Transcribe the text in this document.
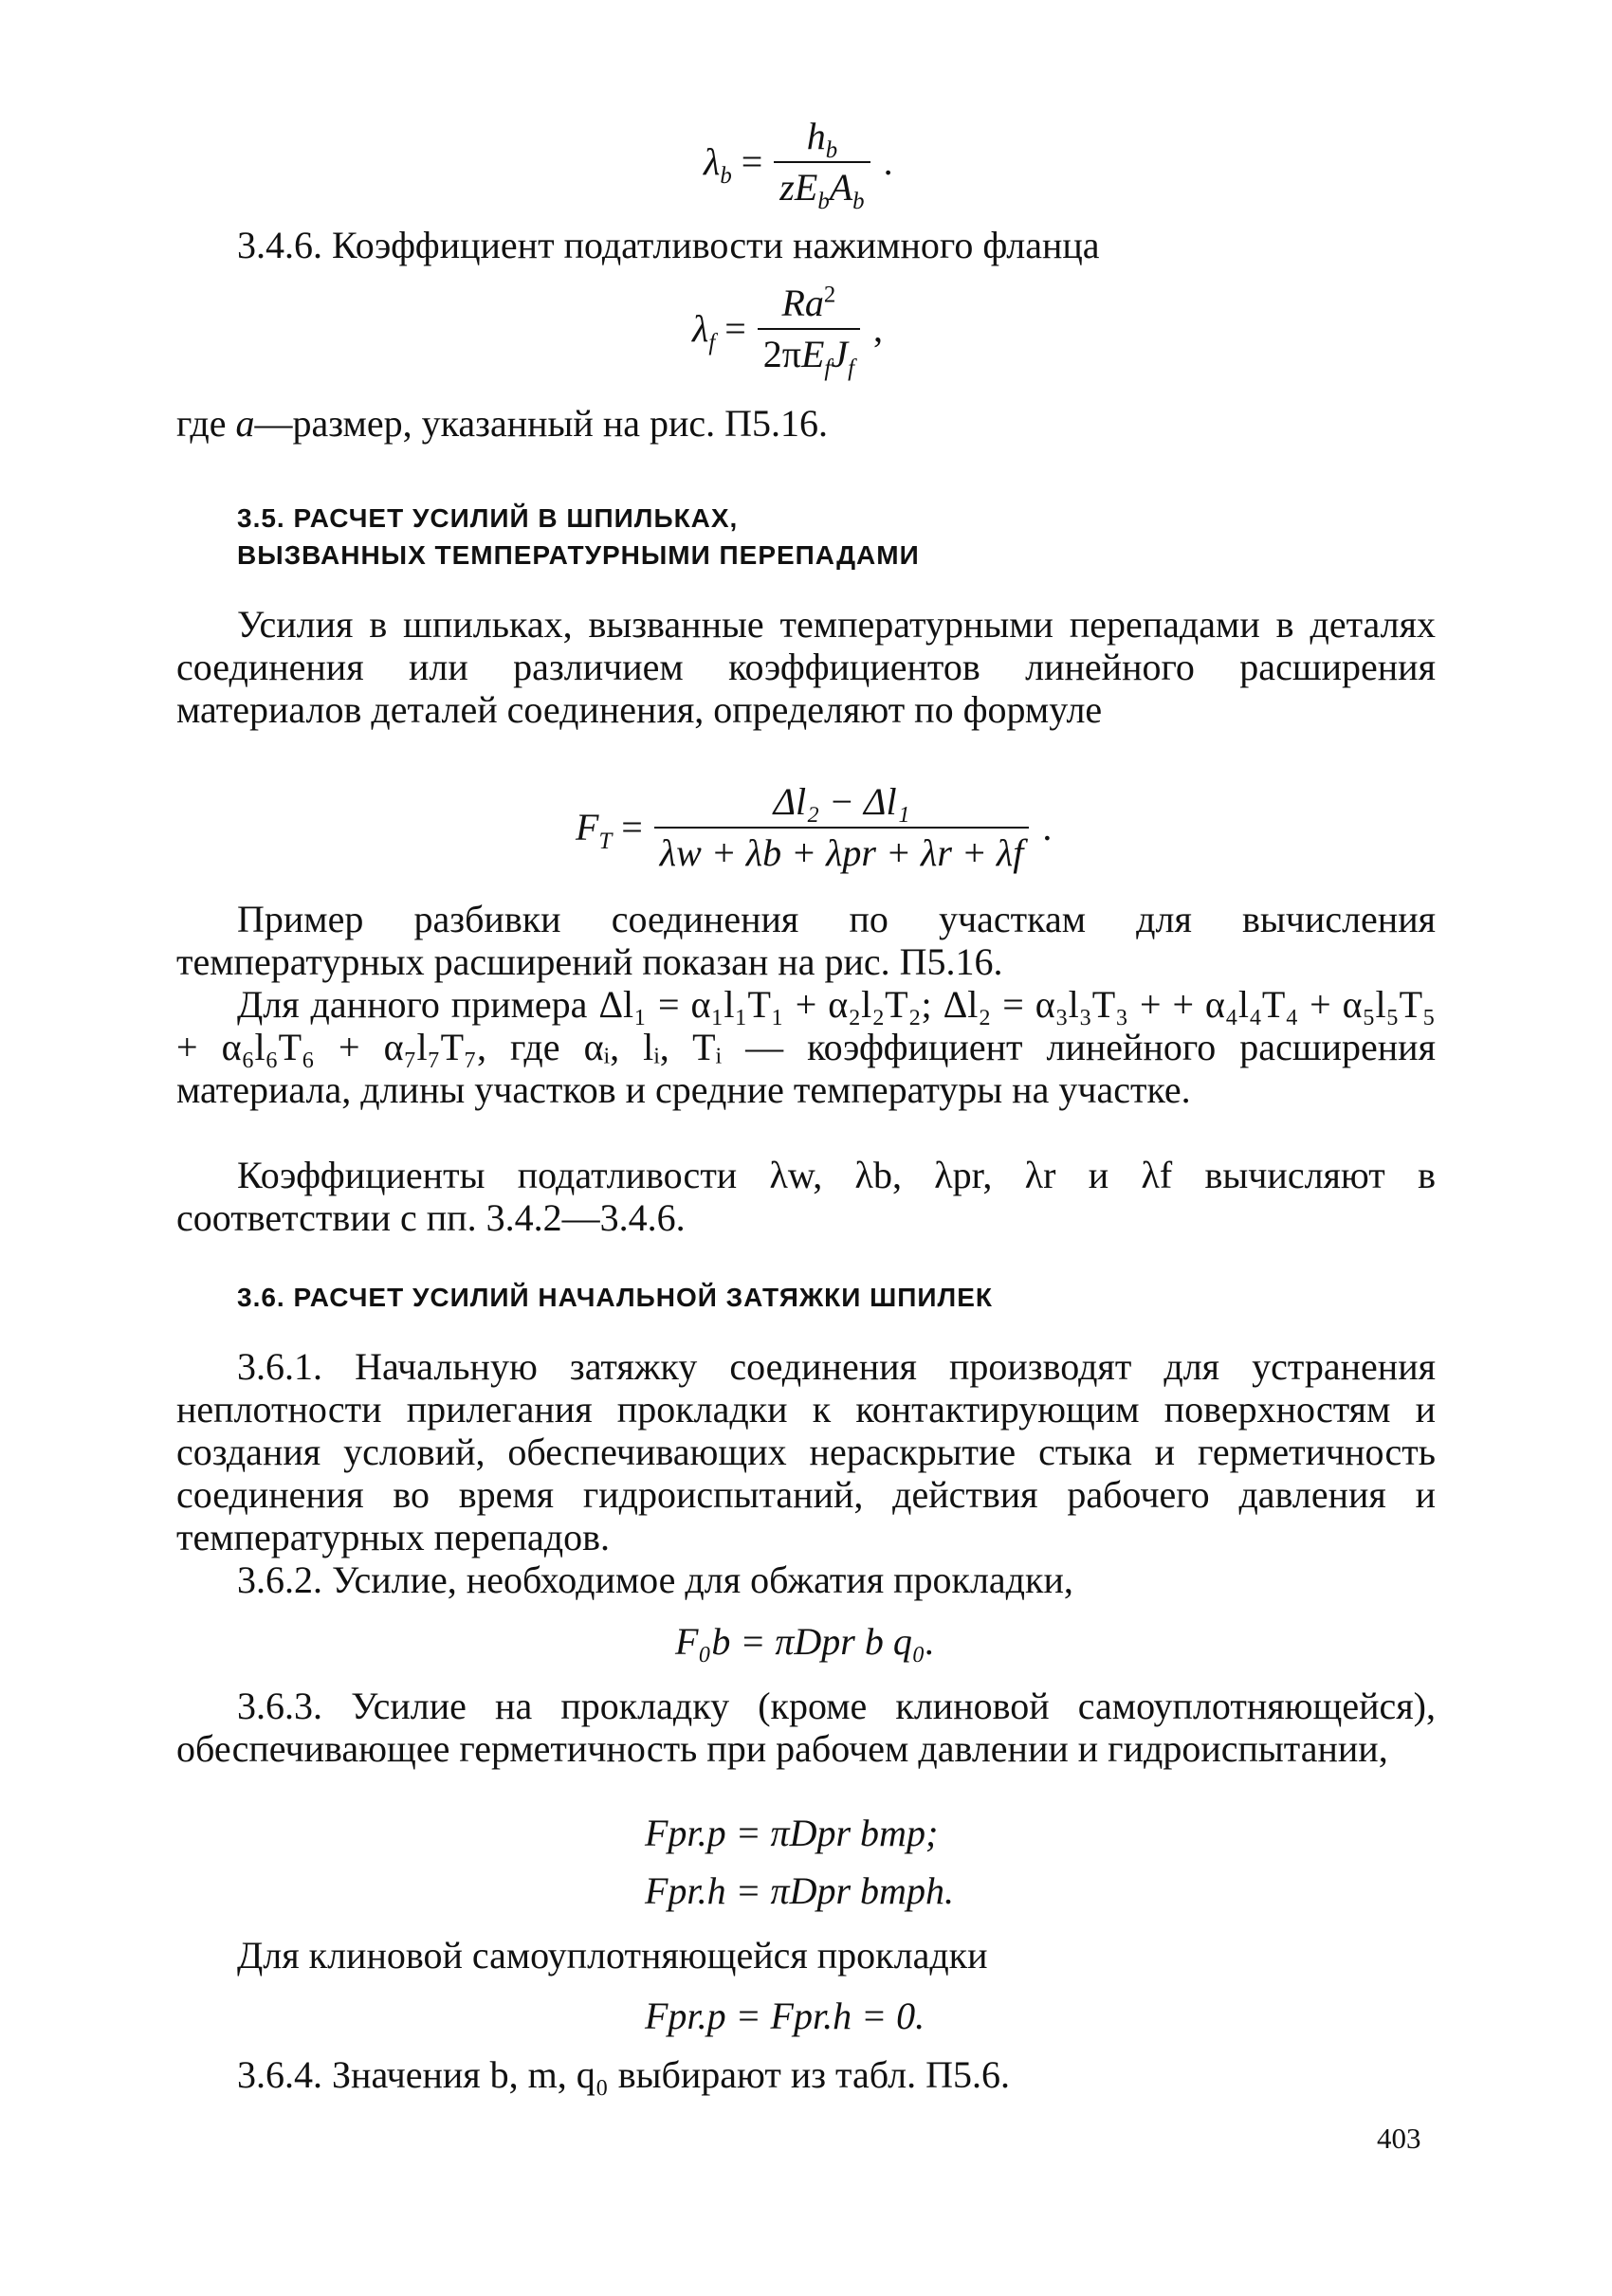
$\lambda_b = \frac{h_b}{zE_bA_b}$ .
3.4.6. Коэффициент податливости нажимного фланца
$\lambda_f = \frac{Ra^2}{2\pi E_fJ_f}$ ,
где a—размер, указанный на рис. П5.16.
3.5. РАСЧЕТ УСИЛИЙ В ШПИЛЬКАХ,
ВЫЗВАННЫХ ТЕМПЕРАТУРНЫМИ ПЕРЕПАДАМИ
Усилия в шпильках, вызванные температурными перепадами в деталях соединения или различием коэффициентов линейного расширения материалов деталей соединения, определяют по формуле
$F_T = \frac{\text{Δl₂ − Δl₁}}{\text{λw + λb + λpr + λr + λf}}$ .
Пример разбивки соединения по участкам для вычисления температурных расширений показан на рис. П5.16.
Для данного примера Δl₁ = α₁l₁T₁ + α₂l₂T₂; Δl₂ = α₃l₃T₃ + + α₄l₄T₄ + α₅l₅T₅ + α₆l₆T₆ + α₇l₇T₇, где αᵢ, lᵢ, Tᵢ — коэффициент линейного расширения материала, длины участков и средние температуры на участке.
Коэффициенты податливости λw, λb, λpr, λr и λf вычисляют в соответствии с пп. 3.4.2—3.4.6.
3.6. РАСЧЕТ УСИЛИЙ НАЧАЛЬНОЙ ЗАТЯЖКИ ШПИЛЕК
3.6.1. Начальную затяжку соединения производят для устранения неплотности прилегания прокладки к контактирующим поверхностям и создания условий, обеспечивающих нераскрытие стыка и герметичность соединения во время гидроиспытаний, действия рабочего давления и температурных перепадов.
3.6.2. Усилие, необходимое для обжатия прокладки,
F₀b = πDpr b q₀.
3.6.3. Усилие на прокладку (кроме клиновой самоуплотняющейся), обеспечивающее герметичность при рабочем давлении и гидроиспытании,
Fpr.p = πDpr bmp;
Fpr.h = πDpr bmph.
Для клиновой самоуплотняющейся прокладки
Fpr.p = Fpr.h = 0.
3.6.4. Значения b, m, q₀ выбирают из табл. П5.6.
403
